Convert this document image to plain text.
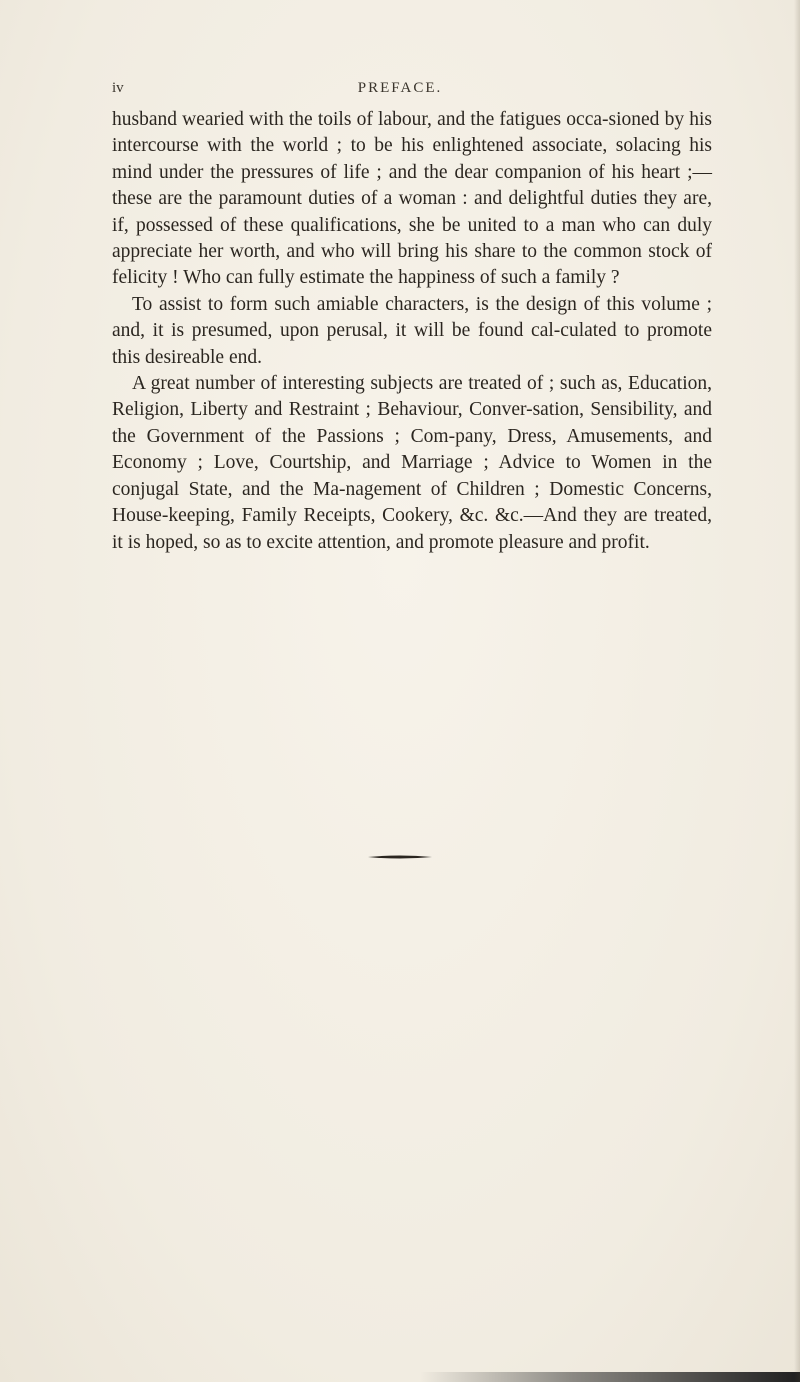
iv	PREFACE.

husband wearied with the toils of labour, and the fatigues occa-sioned by his intercourse with the world ; to be his enlightened associate, solacing his mind under the pressures of life ; and the dear companion of his heart ;—these are the paramount duties of a woman : and delightful duties they are, if, possessed of these qualifications, she be united to a man who can duly appreciate her worth, and who will bring his share to the common stock of felicity ! Who can fully estimate the happiness of such a family ?

To assist to form such amiable characters, is the design of this volume ; and, it is presumed, upon perusal, it will be found cal-culated to promote this desireable end.

A great number of interesting subjects are treated of ; such as, Education, Religion, Liberty and Restraint ; Behaviour, Conver-sation, Sensibility, and the Government of the Passions ; Com-pany, Dress, Amusements, and Economy ; Love, Courtship, and Marriage ; Advice to Women in the conjugal State, and the Ma-nagement of Children ; Domestic Concerns, House-keeping, Family Receipts, Cookery, &c. &c.—And they are treated, it is hoped, so as to excite attention, and promote pleasure and profit.
